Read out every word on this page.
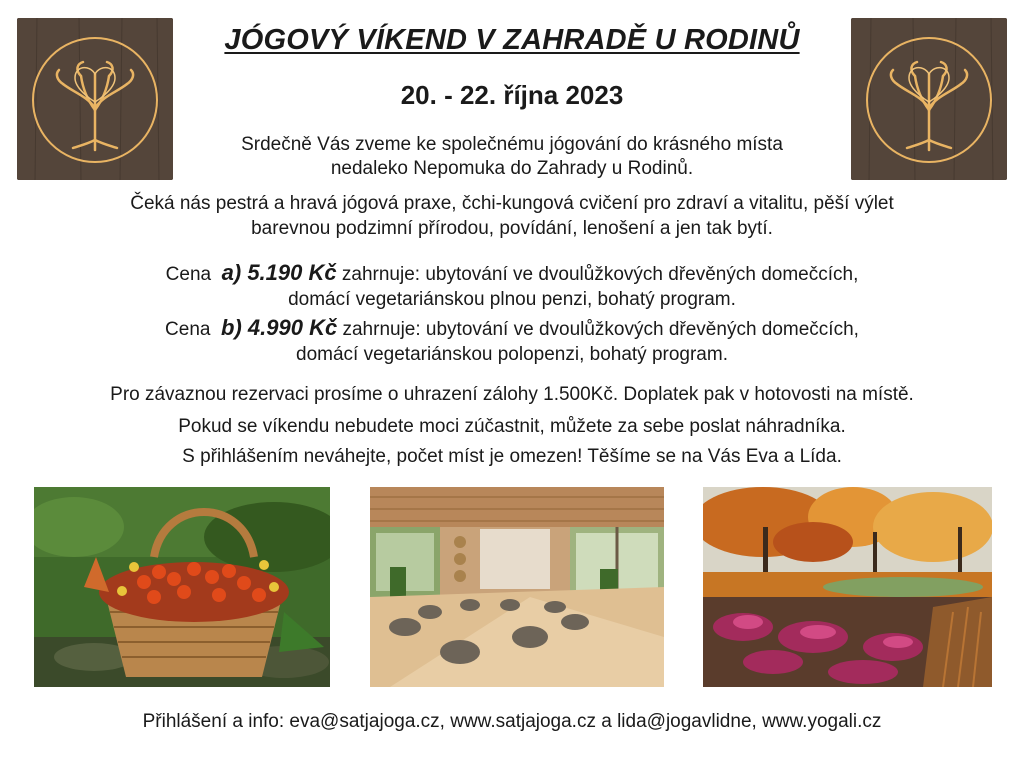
JÓGOVÝ VÍKEND V ZAHRADĚ U RODINŮ
20. - 22. října 2023
Srdečně Vás zveme ke společnému jógování do krásného místa
nedaleko Nepomuka do Zahrady u Rodinů.
Čeká nás pestrá a hravá jógová praxe, čchi-kungová cvičení pro zdraví a vitalitu, pěší výlet
barevnou podzimní přírodou, povídání, lenošení a jen tak bytí.
Cena a) 5.190 Kč zahrnuje: ubytování ve dvoulůžkových dřevěných domečcích,
domácí vegetariánskou plnou penzi, bohatý program.
Cena b) 4.990 Kč zahrnuje: ubytování ve dvoulůžkových dřevěných domečcích,
domácí vegetariánskou polopenzi, bohatý program.
Pro závaznou rezervaci prosíme o uhrazení zálohy 1.500Kč. Doplatek pak v hotovosti na místě.
Pokud se víkendu nebudete moci zúčastnit, můžete za sebe poslat náhradníka.
S přihlášením neváhejte, počet míst je omezen! Těšíme se na Vás Eva a Lída.
Přihlášení a info: eva@satjajoga.cz, www.satjajoga.cz a lida@jogavlidne, www.yogali.cz
